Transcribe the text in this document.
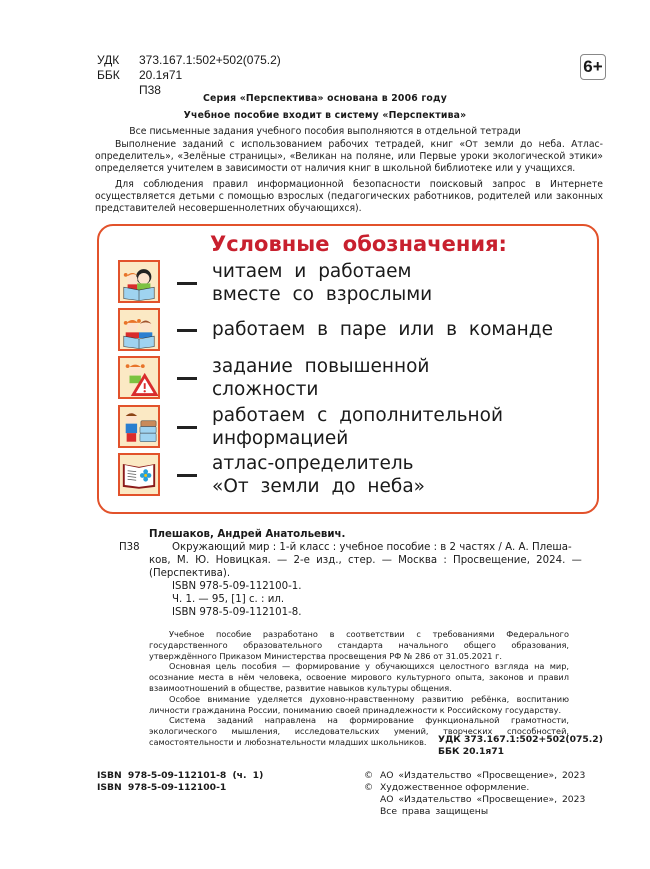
УДК	373.167.1:502+502(075.2)
ББК	20.1я71
П38
6+
Серия «Перспектива» основана в 2006 году
Учебное пособие входит в систему «Перспектива»
Все письменные задания учебного пособия выполняются в отдельной тетради
Выполнение заданий с использованием рабочих тетрадей, книг «От земли до неба. Атлас-определитель», «Зелёные страницы», «Великан на поляне, или Первые уроки экологической этики» определяется учителем в зависимости от наличия книг в школьной библиотеке или у учащихся.
Для соблюдения правил информационной безопасности поисковый запрос в Интернете осуществляется детьми с помощью взрослых (педагогических работников, родителей или законных представителей несовершеннолетних обучающихся).
Условные обозначения:
читаем и работаем
вместе со взрослыми
работаем в паре или в команде
задание повышенной
сложности
работаем с дополнительной
информацией
атлас-определитель
«От земли до неба»
Плешаков, Андрей Анатольевич.
П38	Окружающий мир : 1-й класс : учебное пособие : в 2 частях / А. А. Плеша-
ков, М. Ю. Новицкая. — 2-е изд., стер. — Москва : Просвещение, 2024. —
(Перспектива).
ISBN 978-5-09-112100-1.
Ч. 1. — 95, [1] с. : ил.
ISBN 978-5-09-112101-8.
Учебное пособие разработано в соответствии с требованиями Федерального государственного образовательного стандарта начального общего образования, утверждённого Приказом Министерства просвещения РФ № 286 от 31.05.2021 г.
Основная цель пособия — формирование у обучающихся целостного взгляда на мир, осознание места в нём человека, освоение мирового культурного опыта, законов и правил взаимоотношений в обществе, развитие навыков культуры общения.
Особое внимание уделяется духовно-нравственному развитию ребёнка, воспитанию личности гражданина России, пониманию своей принадлежности к Российскому государству.
Система заданий направлена на формирование функциональной грамотности, экологического мышления, исследовательских умений, творческих способностей, самостоятельности и любознательности младших школьников.	УДК 373.167.1:502+502(075.2)
ББК 20.1я71
ISBN 978-5-09-112101-8 (ч. 1)
ISBN 978-5-09-112100-1
© АО «Издательство «Просвещение», 2023
© Художественное оформление.
АО «Издательство «Просвещение», 2023
Все права защищены
